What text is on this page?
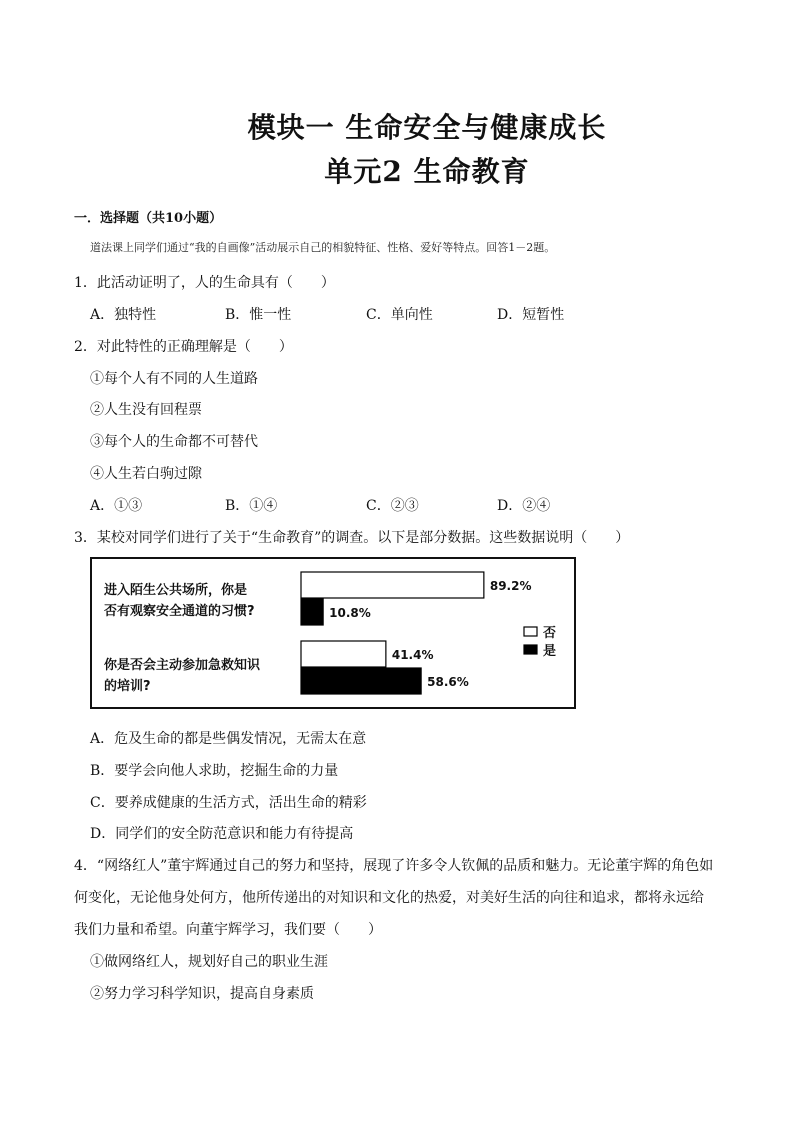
模块一 生命安全与健康成长
单元2 生命教育
一．选择题（共10小题）
道法课上同学们通过“我的自画像”活动展示自己的相貌特征、性格、爱好等特点。回答1－2题。
1．此活动证明了，人的生命具有（　　）
A．独特性	B．惟一性	C．单向性	D．短暂性
2．对此特性的正确理解是（　　）
①每个人有不同的人生道路
②人生没有回程票
③每个人的生命都不可替代
④人生若白驹过隙
A．①③	B．①④	C．②③	D．②④
3．某校对同学们进行了关于“生命教育”的调查。以下是部分数据。这些数据说明（　　）
进入陌生公共场所，你是
否有观察安全通道的习惯?
你是否会主动参加急救知识
的培训?
89.2%
10.8%
41.4%
58.6%
否
是
A．危及生命的都是些偶发情况，无需太在意
B．要学会向他人求助，挖掘生命的力量
C．要养成健康的生活方式，活出生命的精彩
D．同学们的安全防范意识和能力有待提高
4．“网络红人”董宇辉通过自己的努力和坚持，展现了许多令人钦佩的品质和魅力。无论董宇辉的角色如
何变化，无论他身处何方，他所传递出的对知识和文化的热爱，对美好生活的向往和追求，都将永远给
我们力量和希望。向董宇辉学习，我们要（　　）
①做网络红人，规划好自己的职业生涯
②努力学习科学知识，提高自身素质
